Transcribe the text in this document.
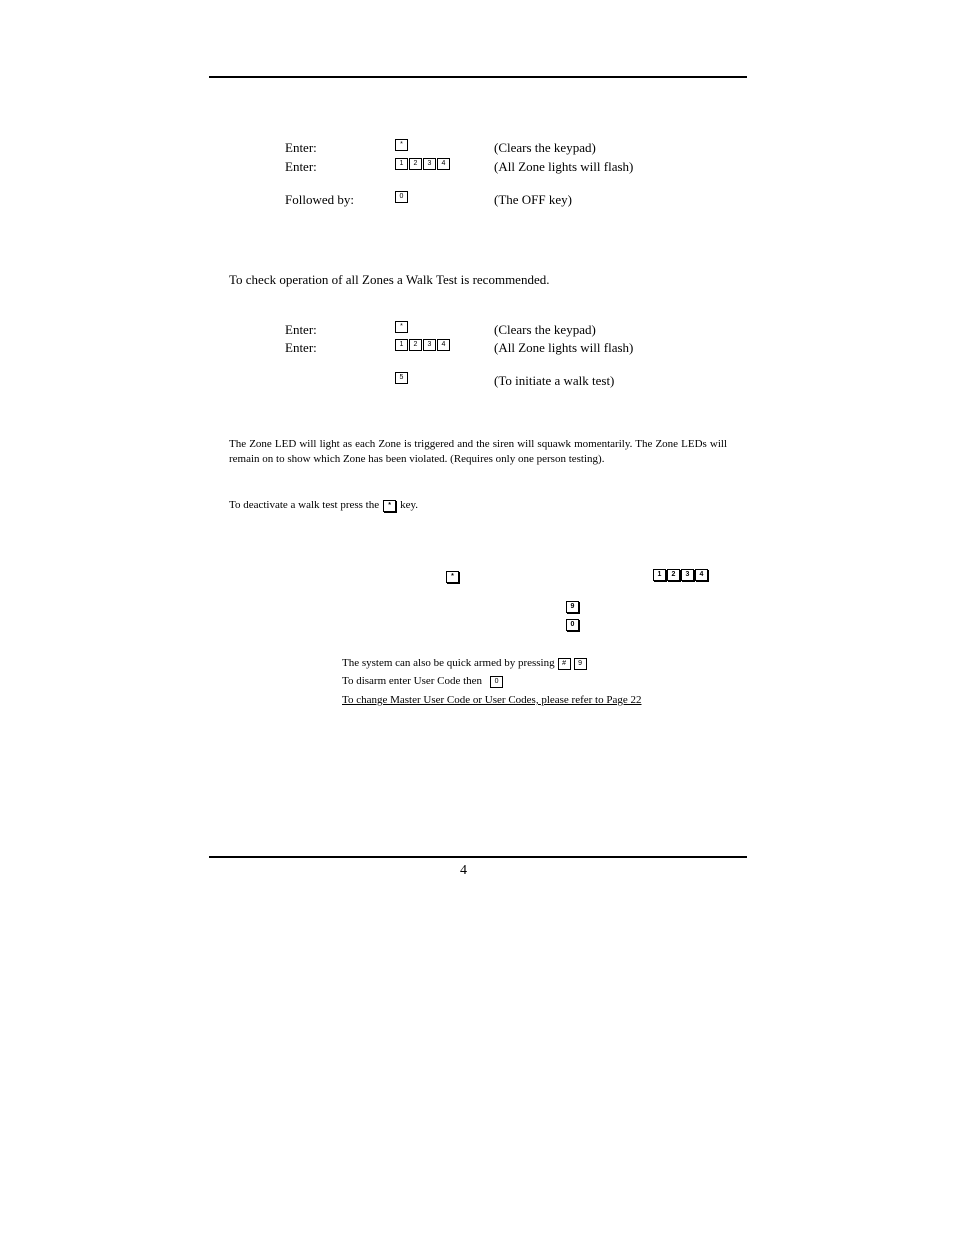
Enter:	*	(Clears the keypad)
Enter:	1	2	3	4	(All Zone lights will flash)
Followed by:	0	(The OFF key)
To check operation of all Zones a Walk Test is recommended.
Enter:	*	(Clears the keypad)
Enter:	1	2	3	4	(All Zone lights will flash)
5	(To initiate a walk test)
The Zone LED will light as each Zone is triggered and the siren will squawk momentarily. The Zone LEDs will remain on to show which Zone has been violated. (Requires only one person testing).
To deactivate a walk test press the	* key.
*	1	2	3	4
9
0
The system can also be quick armed by pressing	#	9
To disarm enter User Code then	0
To change Master User Code or User Codes, please refer to Page 22
4
